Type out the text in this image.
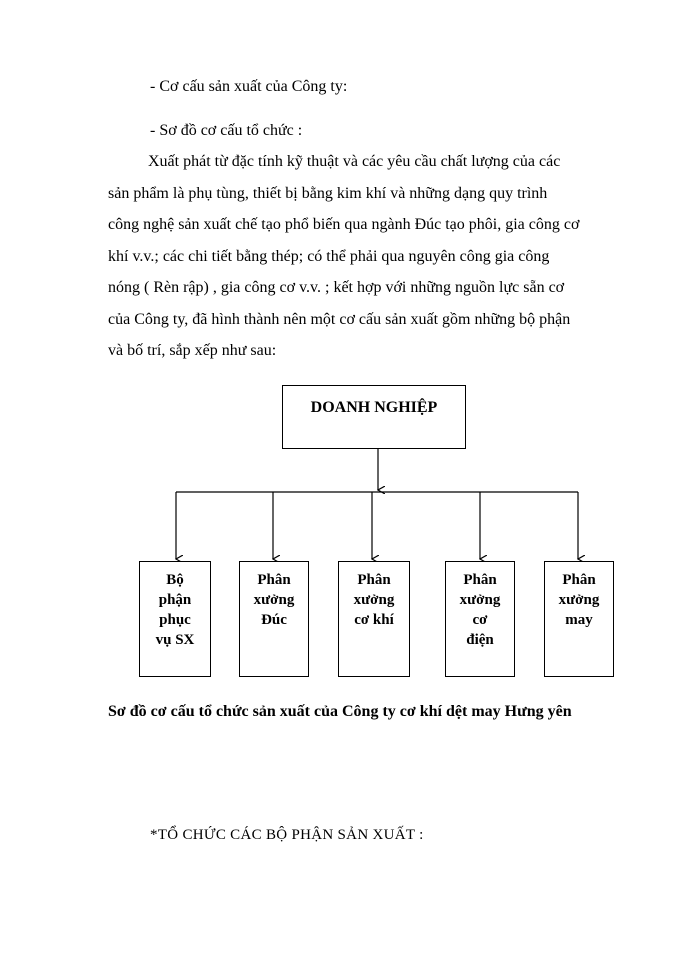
- Cơ cấu sản xuất của Công ty:
- Sơ đồ cơ cấu tổ chức :
Xuất phát từ đặc tính kỹ thuật và các yêu cầu chất lượng của các
sản phẩm là phụ tùng, thiết bị bằng kim khí và những dạng quy trình
công nghệ sản xuất chế tạo phổ biến qua ngành Đúc tạo phôi, gia công cơ
khí v.v.; các chi tiết bằng thép; có thể phải qua nguyên công gia công
nóng ( Rèn rập) , gia công cơ v.v. ; kết hợp với những nguồn lực sẵn cơ
của Công ty, đã hình thành nên một cơ cấu sản xuất gồm những bộ phận
và bố trí, sắp xếp như sau:
DOANH NGHIỆP
Bộ
phận
phục
vụ SX
Phân
xưởng
Đúc
Phân
xưởng
cơ khí
Phân
xưởng
cơ
điện
Phân
xưởng
may
Sơ đồ cơ cấu tổ chức sản xuất của Công ty cơ khí dệt may Hưng yên
*TỔ CHỨC CÁC BỘ PHẬN SẢN XUẤT :
